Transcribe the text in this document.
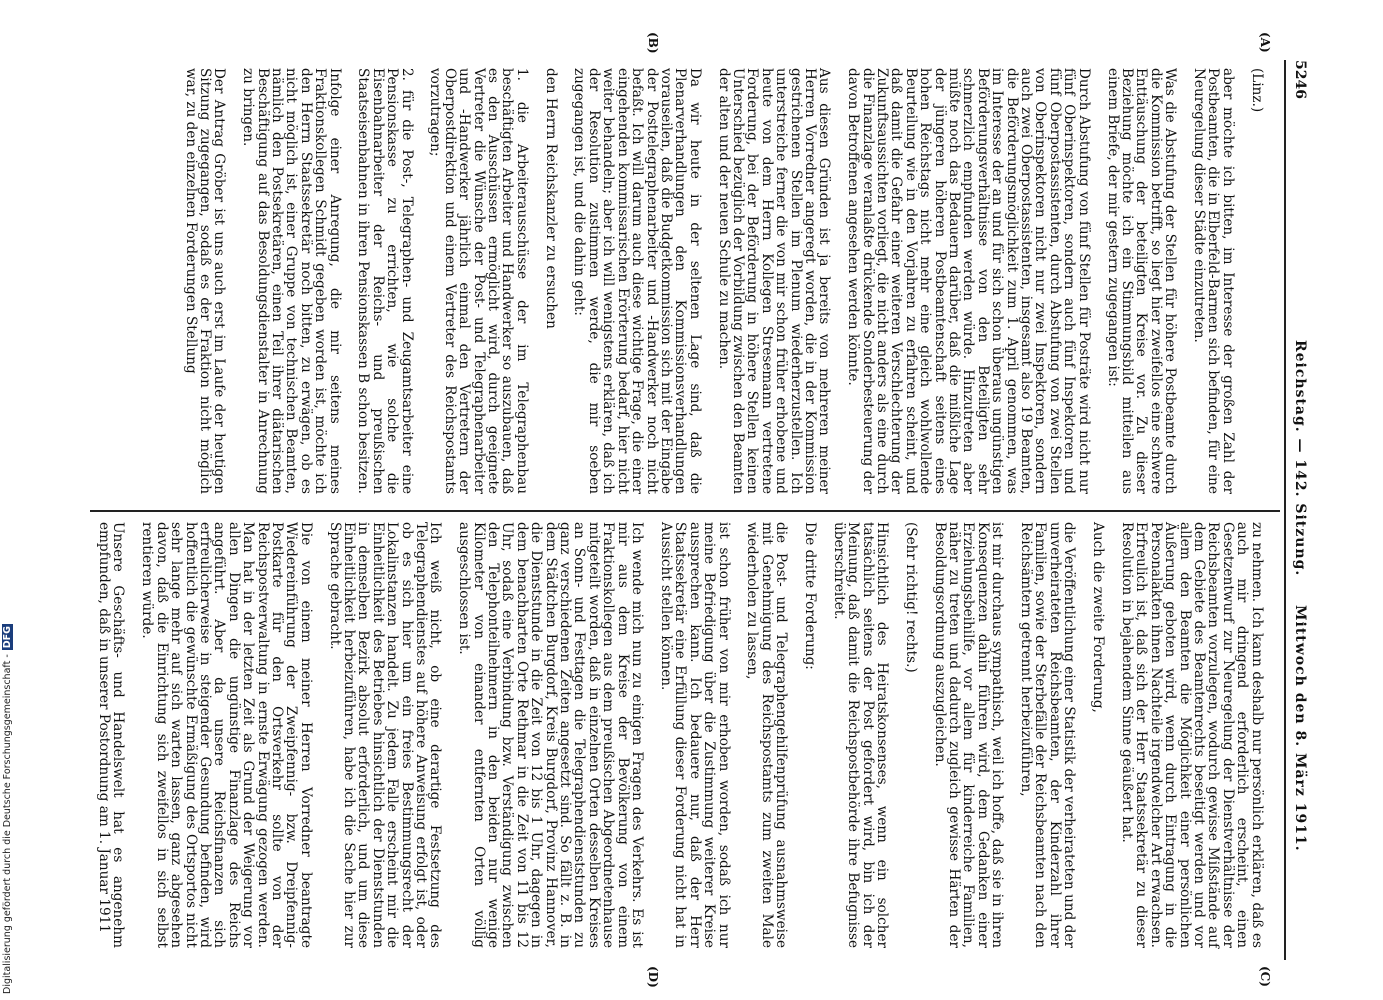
5246
Reichstag. — 142. Sitzung.
Mittwoch den 8. März 1911.
(A)
(B)
(C)
(D)

(Linz.)

aber möchte ich bitten, im Interesse der großen Zahl der Postbeamten, die in Elberfeld-Barmen sich befinden, für eine Neuregelung dieser Städte einzutreten.

Was die Abstufung der Stellen für höhere Postbeamte durch die Kommission betrifft, so liegt hier zweifellos eine schwere Enttäuschung der beteiligten Kreise vor. Zu dieser Beziehung möchte ich ein Stimmungsbild mitteilen aus einem Briefe, der mir gestern zugegangen ist:

Durch Abstufung von fünf Stellen für Posträte wird nicht nur fünf Oberinspektoren, sondern auch fünf Inspektoren und fünf Oberpostassistenten, durch Abstufung von zwei Stellen von Oberinspektoren nicht nur zwei Inspektoren, sondern auch zwei Oberpostassistenten, insgesamt also 19 Beamten, die Beförderungsmöglichkeit zum 1. April genommen, was im Interesse der an und für sich schon überaus ungünstigen Beförderungsverhältnisse von den Beteiligten sehr schmerzlich empfunden werden würde. Hinzutreten aber müßte noch das Bedauern darüber, daß die mißliche Lage der jüngeren höheren Postbeamtenschaft seitens eines hohen Reichstags nicht mehr eine gleich wohlwollende Beurteilung wie in den Vorjahren zu erfahren scheint, und daß damit die Gefahr einer weiteren Verschlechterung der Zukunftsaussichten vorliegt, die nicht anders als eine durch die Finanzlage veranlaßte drückende Sonderbesteuerung der davon Betroffenen angesehen werden könnte.

Aus diesen Gründen ist ja bereits von mehreren meiner Herren Vorredner angeregt worden, die in der Kommission gestrichenen Stellen im Plenum wiederherzustellen. Ich unterstreiche ferner die von mir schon früher erhobene und heute von dem Herrn Kollegen Stresemann vertretene Forderung, bei der Beförderung in höhere Stellen keinen Unterschied bezüglich der Vorbildung zwischen den Beamten der alten und der neuen Schule zu machen.

Da wir heute in der seltenen Lage sind, daß die Plenarverhandlungen den Kommissionsverhandlungen vorauseilen, daß die Budgetkommission sich mit der Eingabe der Posttelegraphenarbeiter und -Handwerker noch nicht befaßt. Ich will darum auch diese wichtige Frage, die einer eingehenden kommissarischen Erörterung bedarf, hier nicht weiter behandeln; aber ich will wenigstens erklären, daß ich der Resolution zustimmen werde, die mir soeben zugegangen ist, und die dahin geht:

den Herrn Reichskanzler zu ersuchen

1. die Arbeiterausschüsse der im Telegraphenbau beschäftigten Arbeiter und Handwerker so auszubauen, daß es den Ausschüssen ermöglicht wird, durch geeignete Vertreter die Wünsche der Post- und Telegraphenarbeiter und -Handwerker jährlich einmal den Vertretern der Oberpostdirektion und einem Vertreter des Reichspostamts vorzutragen;

2. für die Post-, Telegraphen- und Zeugamtsarbeiter eine Pensionskasse zu errichten, wie solche die Eisenbahnarbeiter der Reichs- und preußischen Staatseisenbahnen in ihren Pensionskassen B schon besitzen.

Infolge einer Anregung, die mir seitens meines Fraktionskollegen Schmidt gegeben worden ist, möchte ich den Herrn Staatssekretär noch bitten, zu erwägen, ob es nicht möglich ist, einer Gruppe von technischen Beamten, nämlich den Postsekretären, einen Teil ihrer diätarischen Beschäftigung auf das Besoldungsdienstalter in Anrechnung zu bringen.

Der Antrag Gröber ist uns auch erst im Laufe der heutigen Sitzung zugegangen, sodaß es der Fraktion nicht möglich war, zu den einzelnen Forderungen Stellung

zu nehmen. Ich kann deshalb nur persönlich erklären, daß es auch mir dringend erforderlich erscheint, einen Gesetzentwurf zur Neuregelung der Dienstverhältnisse der Reichsbeamten vorzulegen, wodurch gewisse Mißstände auf dem Gebiete des Beamtenrechts beseitigt werden und vor allem den Beamten die Möglichkeit einer persönlichen Äußerung geboten wird, wenn durch Eintragung in die Personalakten ihnen Nachteile irgendwelcher Art erwachsen. Erfreulich ist, daß sich der Herr Staatssekretär zu dieser Resolution in bejahendem Sinne geäußert hat.

Auch die zweite Forderung,

die Veröffentlichung einer Statistik der verheirateten und der unverheirateten Reichsbeamten, der Kinderzahl ihrer Familien, sowie der Sterbefälle der Reichsbeamten nach den Reichsämtern getrennt herbeizuführen,

ist mir durchaus sympathisch, weil ich hoffe, daß sie in ihren Konsequenzen dahin führen wird, dem Gedanken einer Erziehungsbeihilfe, vor allem für kinderreiche Familien, näher zu treten und dadurch zugleich gewisse Härten der Besoldungsordnung auszugleichen.

(Sehr richtig! rechts.)

Hinsichtlich des Heiratskonsenses, wenn ein solcher tatsächlich seitens der Post gefordert wird, bin ich der Meinung, daß damit die Reichspostbehörde ihre Befugnisse überschreitet.

Die dritte Forderung:

die Post- und Telegraphengehilfenprüfung ausnahmsweise mit Genehmigung des Reichspostamts zum zweiten Male wiederholen zu lassen,

ist schon früher von mir erhoben worden, sodaß ich nur meine Befriedigung über die Zustimmung weiterer Kreise aussprechen kann. Ich bedauere nur, daß der Herr Staatssekretär eine Erfüllung dieser Forderung nicht hat in Aussicht stellen können.

Ich wende mich nun zu einigen Fragen des Verkehrs. Es ist mir aus dem Kreise der Bevölkerung von einem Fraktionskollegen aus dem preußischen Abgeordnetenhause mitgeteilt worden, daß in einzelnen Orten desselben Kreises an Sonn- und Festtagen die Telegraphendienststunden zu ganz verschiedenen Zeiten angesetzt sind. So fällt z. B. in dem Städtchen Burgdorf, Kreis Burgdorf, Provinz Hannover, die Dienststunde in die Zeit von 12 bis 1 Uhr, dagegen in dem benachbarten Orte Rethmar in die Zeit von 11 bis 12 Uhr, sodaß eine Verbindung bzw. Verständigung zwischen den Telephonteilnehmern in den beiden nur wenige Kilometer von einander entfernten Orten völlig ausgeschlossen ist.

Ich weiß nicht, ob eine derartige Festsetzung des Telegraphendienstes auf höhere Anweisung erfolgt ist, oder ob es sich hier um ein freies Bestimmungsrecht der Lokalinstanzen handelt. Zu jedem Falle erscheint mir die Einheitlichkeit des Betriebes hinsichtlich der Dienststunden in demselben Bezirk absolut erforderlich, und um diese Einheitlichkeit herbeizuführen, habe ich die Sache hier zur Sprache gebracht.

Die von einem meiner Herren Vorredner beantragte Wiedereinführung der Zweipfennig- bzw. Dreipfennig-Postkarte für den Ortsverkehr sollte von der Reichspostverwaltung in ernste Erwägung gezogen werden. Man hat in der letzten Zeit als Grund der Weigerung vor allen Dingen die ungünstige Finanzlage des Reichs angeführt. Aber da unsere Reichsfinanzen sich erfreulicherweise in steigender Gesundung befinden, wird hoffentlich die gewünschte Ermäßigung des Ortsportos nicht sehr lange mehr auf sich warten lassen, ganz abgesehen davon, daß die Einrichtung sich zweifellos in sich selbst rentieren würde.

Unsere Geschäfts- und Handelswelt hat es angenehm empfunden, daß in unserer Postordnung am 1. Januar 1911

Digitalisierung gefördert durch die Deutsche Forschungsgemeinschaft -DFG
